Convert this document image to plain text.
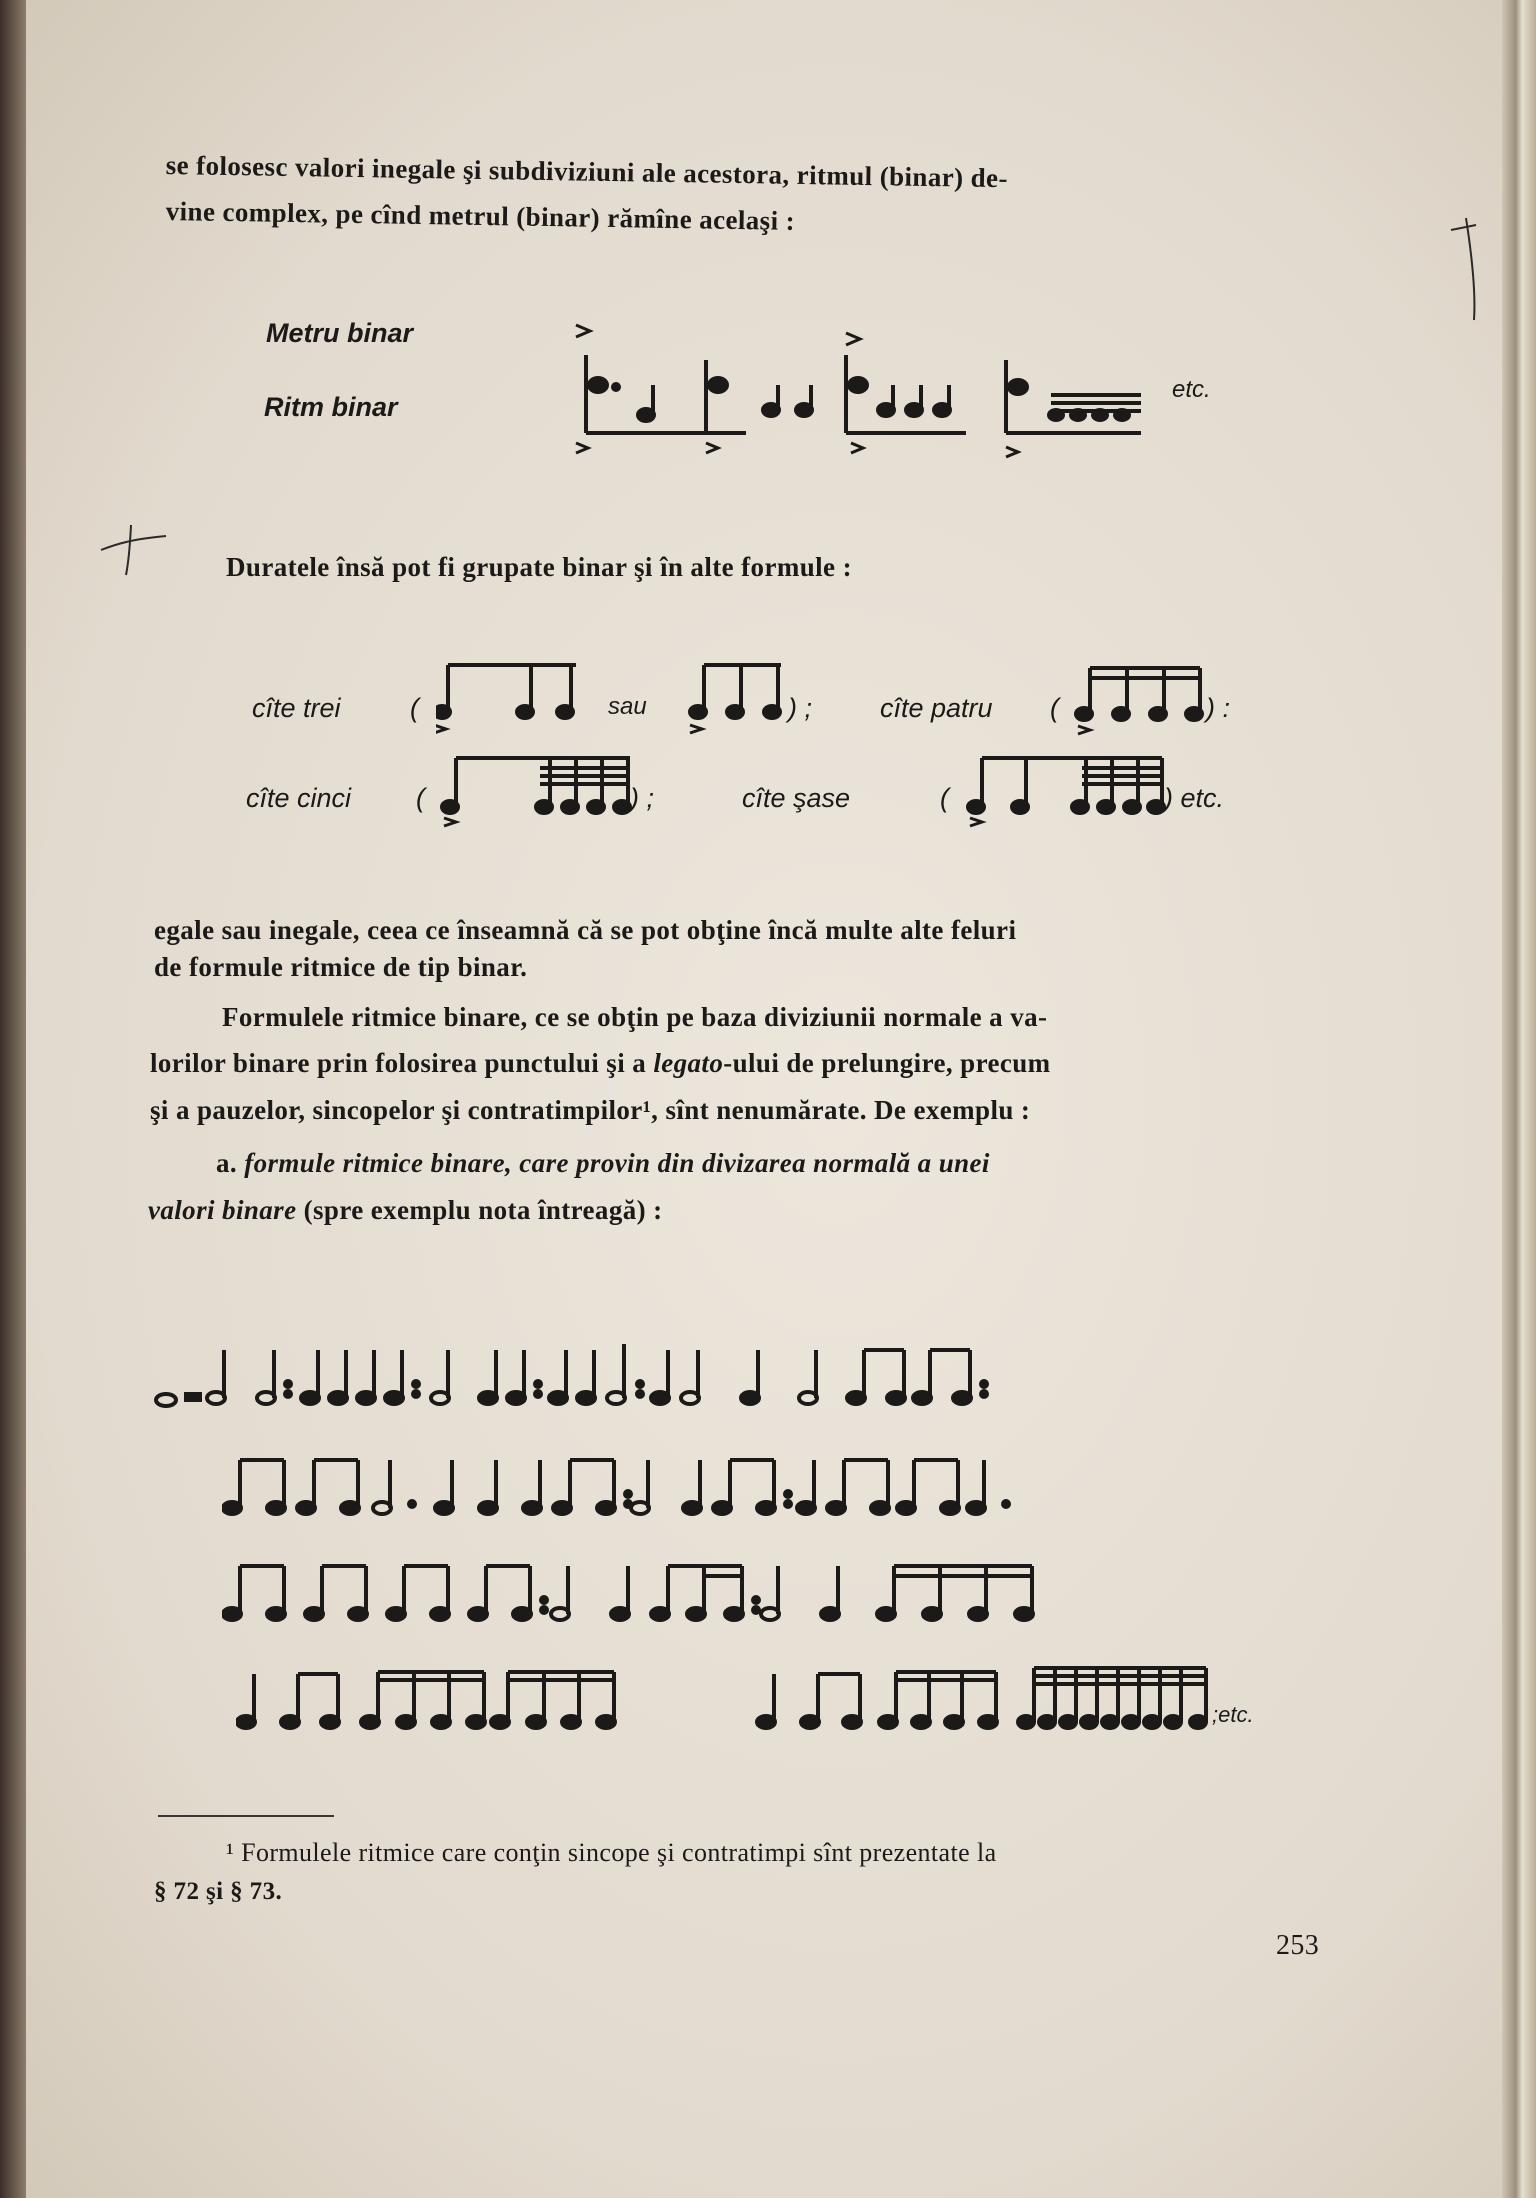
se folosesc valori inegale şi subdiviziuni ale acestora, ritmul (binar) de-
vine complex, pe cînd metrul (binar) rămîne acelaşi :
Metru binar
Ritm binar
etc.
Duratele însă pot fi grupate binar şi în alte formule :
cîte trei	(	sau	) ;	cîte patru (	) :
cîte cinci (	) ;	cîte şase	(	) etc.
egale sau inegale, ceea ce înseamnă că se pot obţine încă multe alte feluri
de formule ritmice de tip binar.
Formulele ritmice binare, ce se obţin pe baza diviziunii normale a va-
lorilor binare prin folosirea punctului şi a legato-ului de prelungire, precum
şi a pauzelor, sincopelor şi contratimpilor¹, sînt nenumărate. De exemplu :
a. formule ritmice binare, care provin din divizarea normală a unei
valori binare (spre exemplu nota întreagă) :
;etc.
¹ Formulele ritmice care conţin sincope şi contratimpi sînt prezentate la
§ 72 şi § 73.
253
